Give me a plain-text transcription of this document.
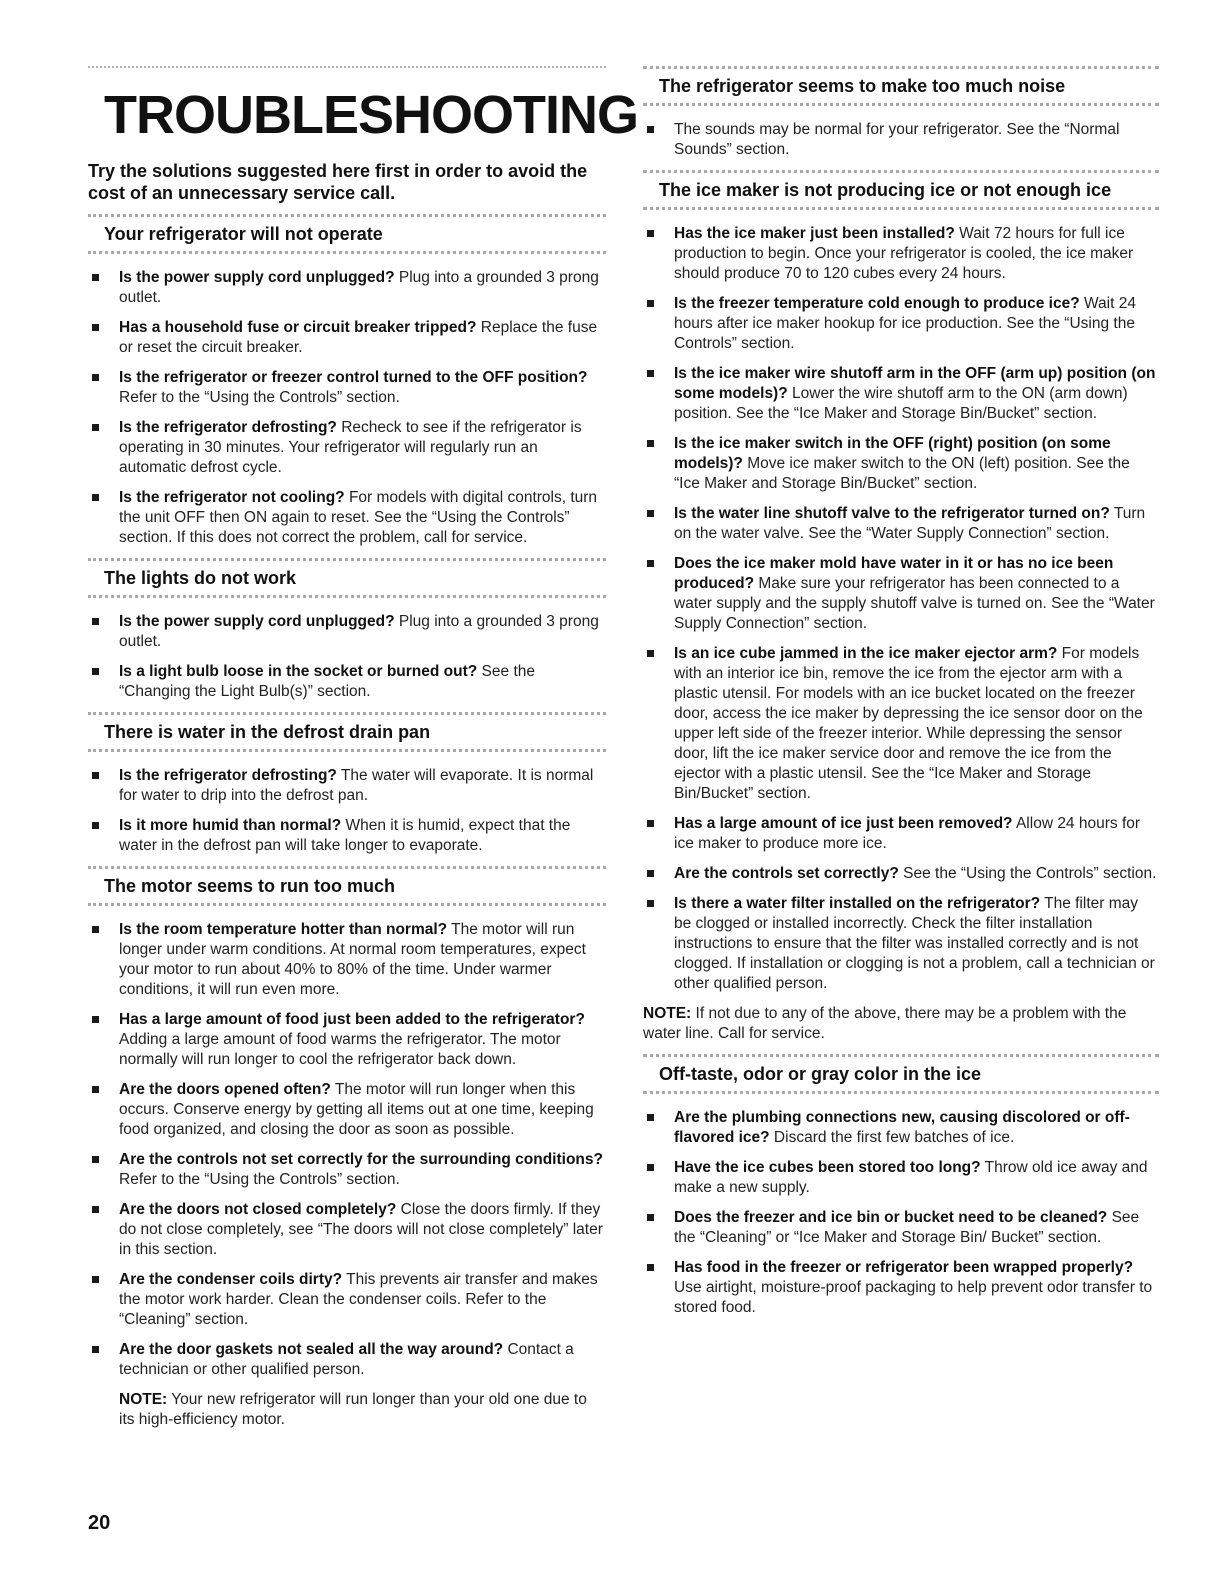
TROUBLESHOOTING

Try the solutions suggested here first in order to avoid the cost of an unnecessary service call.

Your refrigerator will not operate
Is the power supply cord unplugged? Plug into a grounded 3 prong outlet.
Has a household fuse or circuit breaker tripped? Replace the fuse or reset the circuit breaker.
Is the refrigerator or freezer control turned to the OFF position? Refer to the “Using the Controls” section.
Is the refrigerator defrosting? Recheck to see if the refrigerator is operating in 30 minutes. Your refrigerator will regularly run an automatic defrost cycle.
Is the refrigerator not cooling? For models with digital controls, turn the unit OFF then ON again to reset. See the “Using the Controls” section. If this does not correct the problem, call for service.
The lights do not work
Is the power supply cord unplugged? Plug into a grounded 3 prong outlet.
Is a light bulb loose in the socket or burned out? See the “Changing the Light Bulb(s)” section.
There is water in the defrost drain pan
Is the refrigerator defrosting? The water will evaporate. It is normal for water to drip into the defrost pan.
Is it more humid than normal? When it is humid, expect that the water in the defrost pan will take longer to evaporate.
The motor seems to run too much
Is the room temperature hotter than normal? The motor will run longer under warm conditions. At normal room temperatures, expect your motor to run about 40% to 80% of the time. Under warmer conditions, it will run even more.
Has a large amount of food just been added to the refrigerator? Adding a large amount of food warms the refrigerator. The motor normally will run longer to cool the refrigerator back down.
Are the doors opened often? The motor will run longer when this occurs. Conserve energy by getting all items out at one time, keeping food organized, and closing the door as soon as possible.
Are the controls not set correctly for the surrounding conditions? Refer to the “Using the Controls” section.
Are the doors not closed completely? Close the doors firmly. If they do not close completely, see “The doors will not close completely” later in this section.
Are the condenser coils dirty? This prevents air transfer and makes the motor work harder. Clean the condenser coils. Refer to the “Cleaning” section.
Are the door gaskets not sealed all the way around? Contact a technician or other qualified person.

NOTE: Your new refrigerator will run longer than your old one due to its high-efficiency motor.

The refrigerator seems to make too much noise
The sounds may be normal for your refrigerator. See the “Normal Sounds” section.
The ice maker is not producing ice or not enough ice
Has the ice maker just been installed? Wait 72 hours for full ice production to begin. Once your refrigerator is cooled, the ice maker should produce 70 to 120 cubes every 24 hours.
Is the freezer temperature cold enough to produce ice? Wait 24 hours after ice maker hookup for ice production. See the “Using the Controls” section.
Is the ice maker wire shutoff arm in the OFF (arm up) position (on some models)? Lower the wire shutoff arm to the ON (arm down) position. See the “Ice Maker and Storage Bin/Bucket” section.
Is the ice maker switch in the OFF (right) position (on some models)? Move ice maker switch to the ON (left) position. See the “Ice Maker and Storage Bin/Bucket” section.
Is the water line shutoff valve to the refrigerator turned on? Turn on the water valve. See the “Water Supply Connection” section.
Does the ice maker mold have water in it or has no ice been produced? Make sure your refrigerator has been connected to a water supply and the supply shutoff valve is turned on. See the “Water Supply Connection” section.
Is an ice cube jammed in the ice maker ejector arm? For models with an interior ice bin, remove the ice from the ejector arm with a plastic utensil. For models with an ice bucket located on the freezer door, access the ice maker by depressing the ice sensor door on the upper left side of the freezer interior. While depressing the sensor door, lift the ice maker service door and remove the ice from the ejector with a plastic utensil. See the “Ice Maker and Storage Bin/Bucket” section.
Has a large amount of ice just been removed? Allow 24 hours for ice maker to produce more ice.
Are the controls set correctly? See the “Using the Controls” section.
Is there a water filter installed on the refrigerator? The filter may be clogged or installed incorrectly. Check the filter installation instructions to ensure that the filter was installed correctly and is not clogged. If installation or clogging is not a problem, call a technician or other qualified person.

NOTE: If not due to any of the above, there may be a problem with the water line. Call for service.

Off-taste, odor or gray color in the ice
Are the plumbing connections new, causing discolored or off-flavored ice? Discard the first few batches of ice.
Have the ice cubes been stored too long? Throw old ice away and make a new supply.
Does the freezer and ice bin or bucket need to be cleaned? See the “Cleaning” or “Ice Maker and Storage Bin/ Bucket” section.
Has food in the freezer or refrigerator been wrapped properly? Use airtight, moisture-proof packaging to help prevent odor transfer to stored food.
20
